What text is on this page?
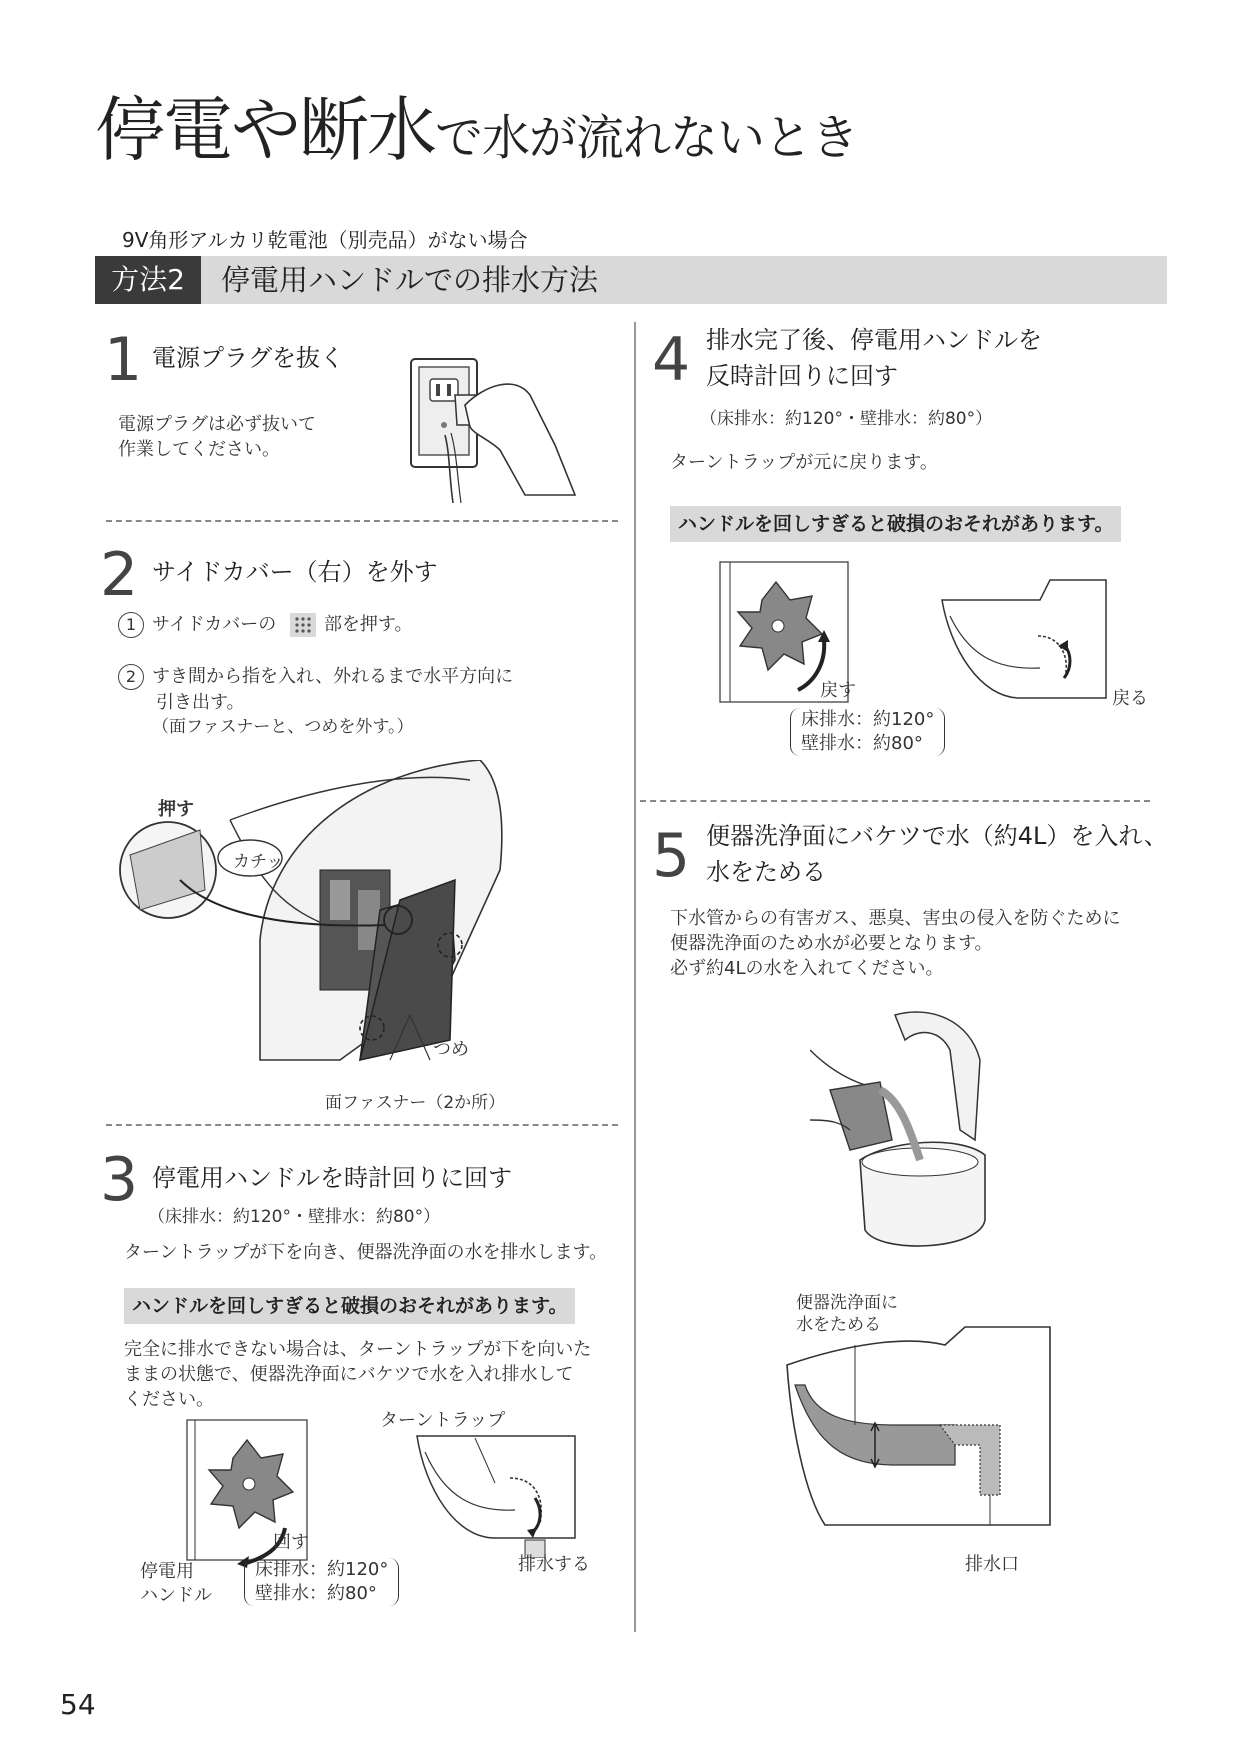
停電や断水で水が流れないとき
9V角形アルカリ乾電池（別売品）がない場合
方法2	停電用ハンドルでの排水方法
1 電源プラグを抜く
電源プラグは必ず抜いて
作業してください。
2 サイドカバー（右）を外す
1 サイドカバーの	部を押す。
2 すき間から指を入れ、外れるまで水平方向に
引き出す。
（面ファスナーと、つめを外す。）
押す
カチッ
つめ
面ファスナー（2か所）
3 停電用ハンドルを時計回りに回す
（床排水：約120°・壁排水：約80°）
ターントラップが下を向き、便器洗浄面の水を排水します。
ハンドルを回しすぎると破損のおそれがあります。
完全に排水できない場合は、ターントラップが下を向いた
ままの状態で、便器洗浄面にバケツで水を入れ排水して
ください。
回す
停電用
ハンドル
床排水：約120°
壁排水：約80°
ターントラップ
排水する
4 排水完了後、停電用ハンドルを
反時計回りに回す
（床排水：約120°・壁排水：約80°）
ターントラップが元に戻ります。
ハンドルを回しすぎると破損のおそれがあります。
戻す
床排水：約120°
壁排水：約80°
戻る
5 便器洗浄面にバケツで水（約4L）を入れ、
水をためる
下水管からの有害ガス、悪臭、害虫の侵入を防ぐために
便器洗浄面のため水が必要となります。
必ず約4Lの水を入れてください。
便器洗浄面に
水をためる
排水口
54
